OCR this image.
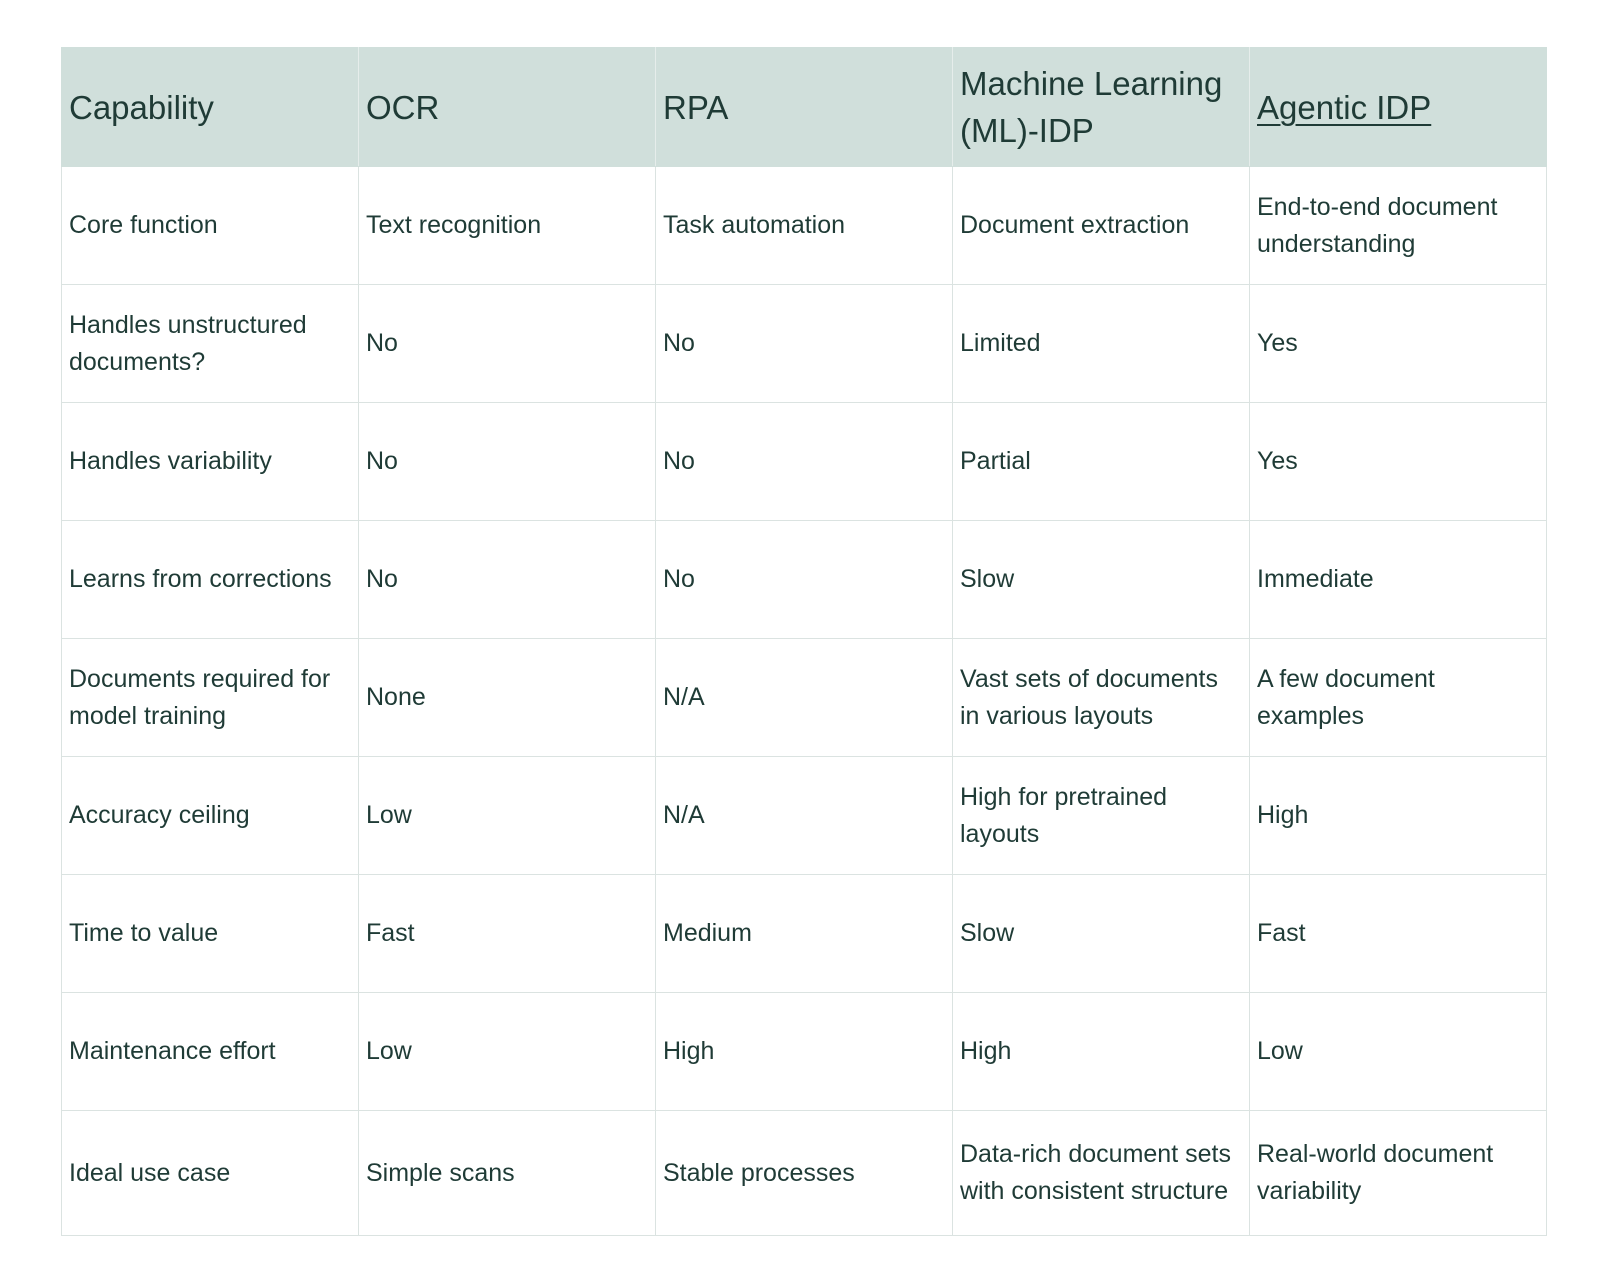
Capability	OCR	RPA	Machine Learning (ML)-IDP	Agentic IDP
Core function	Text recognition	Task automation	Document extraction	End-to-end document understanding
Handles unstructured documents?	No	No	Limited	Yes
Handles variability	No	No	Partial	Yes
Learns from corrections	No	No	Slow	Immediate
Documents required for model training	None	N/A	Vast sets of documents in various layouts	A few document examples
Accuracy ceiling	Low	N/A	High for pretrained layouts	High
Time to value	Fast	Medium	Slow	Fast
Maintenance effort	Low	High	High	Low
Ideal use case	Simple scans	Stable processes	Data-rich document sets with consistent structure	Real-world document variability
